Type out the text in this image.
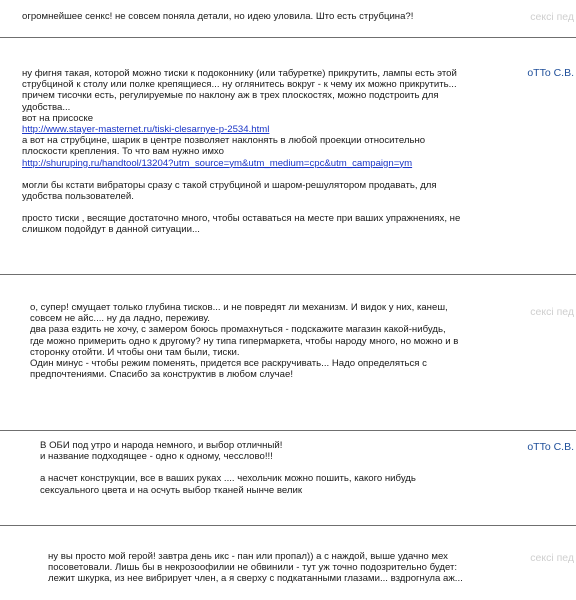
огромнейшее сенкс! не совсем поняла детали, но идею уловила. Што есть струбцина?!	сексі пед
ну фигня такая, которой можно тиски к подоконнику (или табуретке) прикрутить, лампы есть этой
струбциной к столу или полке крепящиеся... ну оглянитесь вокруг - к чему их можно прикрутить...
причем тисочки есть, регулируемые по наклону аж в трех плоскостях, можно подстроить для
удобства...
вот на присоске
http://www.stayer-masternet.ru/tiski-clesarnye-p-2534.html
а вот на струбцине, шарик в центре позволяет наклонять в любой проекции относительно
плоскости крепления. То что вам нужно имхо
http://shuruping.ru/handtool/13204?utm_source=ym&utm_medium=cpc&utm_campaign=ym
могли бы кстати вибраторы сразу с такой струбциной и шаром-решулятором продавать, для
удобства пользователей.
просто тиски , весящие достаточно много, чтобы оставаться на месте при ваших упражнениях, не
слишком подойдут в данной ситуации...
oTTo C.B.
о, супер! смущает только глубина тисков... и не повредят ли механизм. И видок у них, канеш,
совсем не айс.... ну да ладно, переживу.
два раза ездить не хочу, с замером боюсь промахнуться - подскажите магазин какой-нибудь,
где можно примерить одно к другому? ну типа гипермаркета, чтобы народу много, но можно и в
сторонку отойти. И чтобы они там были, тиски.
Один минус - чтобы режим поменять, придется все раскручивать... Надо определяться с
предпочтениями. Спасибо за конструктив в любом случае!
сексі пед
В ОБИ под утро и народа немного, и выбор отличный!
и название подходящее - одно к одному, чесслово!!!
а насчет конструкции, все в ваших руках .... чехольчик можно пошить, какого нибудь
сексуального цвета и на осчуть выбор тканей нынче велик
oTTo C.B.
ну вы просто мой герой! завтра день икс - пан или пропал)) а с наждой, выше удачно мех
посоветовали. Лишь бы в некрозоофилии не обвинили - тут уж точно подозрительно будет:
лежит шкурка, из нее вибрирует член, а я сверху с подкатанными глазами... вздрогнула аж...
сексі пед
